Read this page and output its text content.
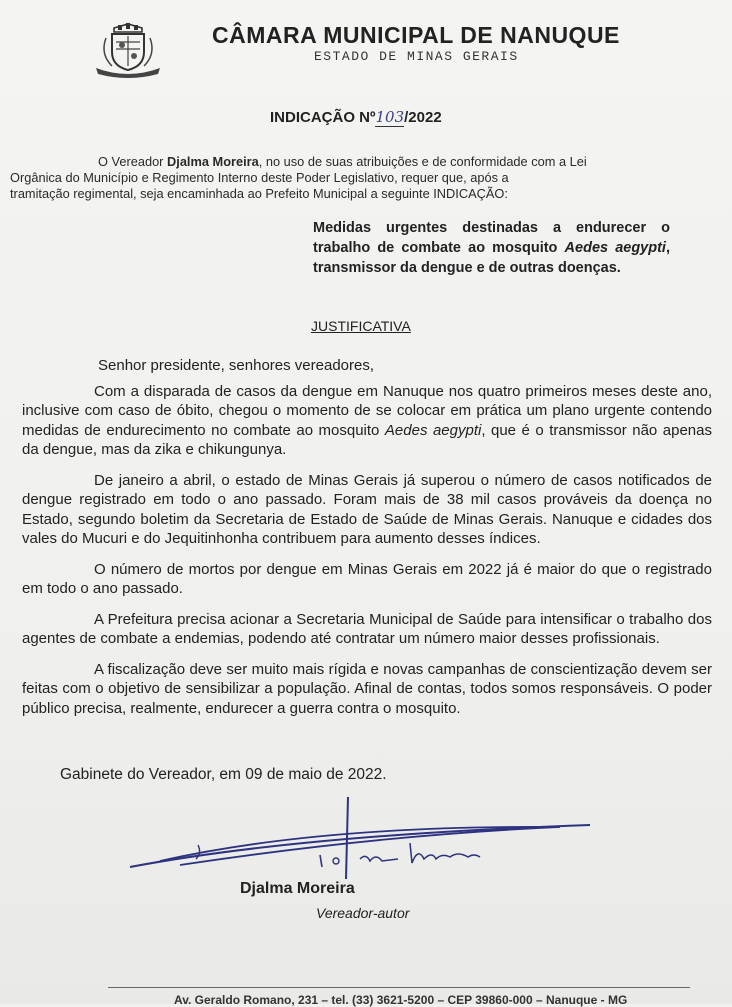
CÂMARA MUNICIPAL DE NANUQUE
ESTADO DE MINAS GERAIS
INDICAÇÃO Nº103/2022

O Vereador Djalma Moreira, no uso de suas atribuições e de conformidade com a Lei

Orgânica do Município e Regimento Interno deste Poder Legislativo, requer que, após a

tramitação regimental, seja encaminhada ao Prefeito Municipal a seguinte INDICAÇÃO:

Medidas urgentes destinadas a endurecer o trabalho de combate ao mosquito Aedes aegypti, transmissor da dengue e de outras doenças.
JUSTIFICATIVA

Senhor presidente, senhores vereadores,

Com a disparada de casos da dengue em Nanuque nos quatro primeiros meses deste ano, inclusive com caso de óbito, chegou o momento de se colocar em prática um plano urgente contendo medidas de endurecimento no combate ao mosquito Aedes aegypti, que é o transmissor não apenas da dengue, mas da zika e chikungunya.

De janeiro a abril, o estado de Minas Gerais já superou o número de casos notificados de dengue registrado em todo o ano passado. Foram mais de 38 mil casos prováveis da doença no Estado, segundo boletim da Secretaria de Estado de Saúde de Minas Gerais. Nanuque e cidades dos vales do Mucuri e do Jequitinhonha contribuem para aumento desses índices.

O número de mortos por dengue em Minas Gerais em 2022 já é maior do que o registrado em todo o ano passado.

A Prefeitura precisa acionar a Secretaria Municipal de Saúde para intensificar o trabalho dos agentes de combate a endemias, podendo até contratar um número maior desses profissionais.

A fiscalização deve ser muito mais rígida e novas campanhas de conscientização devem ser feitas com o objetivo de sensibilizar a população. Afinal de contas, todos somos responsáveis. O poder público precisa, realmente, endurecer a guerra contra o mosquito.

Gabinete do Vereador, em 09 de maio de 2022.
Djalma Moreira
Vereador-autor
Av. Geraldo Romano, 231 – tel. (33) 3621-5200 – CEP 39860-000 – Nanuque - MG
